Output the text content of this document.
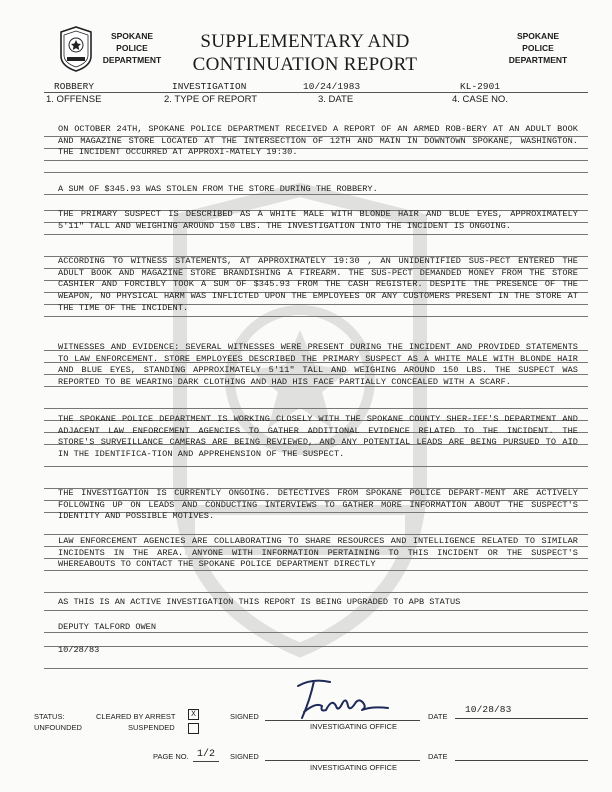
SPOKANE
POLICE
DEPARTMENT
SUPPLEMENTARY AND
CONTINUATION REPORT
SPOKANE
POLICE
DEPARTMENT
ROBBERY	INVESTIGATION	10/24/1983	KL-2901
1. OFFENSE	2. TYPE OF REPORT	3. DATE	4. CASE NO.
ON OCTOBER 24TH, SPOKANE POLICE DEPARTMENT RECEIVED A REPORT OF AN ARMED ROB-BERY AT AN ADULT BOOK AND MAGAZINE STORE LOCATED AT THE INTERSECTION OF 12TH AND MAIN IN DOWNTOWN SPOKANE, WASHINGTON. THE INCIDENT OCCURRED AT APPROXI-MATELY 19:30.
A SUM OF $345.93 WAS STOLEN FROM THE STORE DURING THE ROBBERY.
THE PRIMARY SUSPECT IS DESCRIBED AS A WHITE MALE WITH BLONDE HAIR AND BLUE EYES, APPROXIMATELY 5'11" TALL AND WEIGHING AROUND 150 LBS. THE INVESTIGATION INTO THE INCIDENT IS ONGOING.
ACCORDING TO WITNESS STATEMENTS, AT APPROXIMATELY 19:30 , AN UNIDENTIFIED SUS-PECT ENTERED THE ADULT BOOK AND MAGAZINE STORE BRANDISHING A FIREARM. THE SUS-PECT DEMANDED MONEY FROM THE STORE CASHIER AND FORCIBLY TOOK A SUM OF $345.93 FROM THE CASH REGISTER. DESPITE THE PRESENCE OF THE WEAPON, NO PHYSICAL HARM WAS INFLICTED UPON THE EMPLOYEES OR ANY CUSTOMERS PRESENT IN THE STORE AT THE TIME OF THE INCIDENT.
WITNESSES AND EVIDENCE: SEVERAL WITNESSES WERE PRESENT DURING THE INCIDENT AND PROVIDED STATEMENTS TO LAW ENFORCEMENT. STORE EMPLOYEES DESCRIBED THE PRIMARY SUSPECT AS A WHITE MALE WITH BLONDE HAIR AND BLUE EYES, STANDING APPROXIMATELY 5'11" TALL AND WEIGHING AROUND 150 LBS. THE SUSPECT WAS REPORTED TO BE WEARING DARK CLOTHING AND HAD HIS FACE PARTIALLY CONCEALED WITH A SCARF.
THE SPOKANE POLICE DEPARTMENT IS WORKING CLOSELY WITH THE SPOKANE COUNTY SHER-IFF'S DEPARTMENT AND ADJACENT LAW ENFORCEMENT AGENCIES TO GATHER ADDITIONAL EVIDENCE RELATED TO THE INCIDENT. THE STORE'S SURVEILLANCE CAMERAS ARE BEING REVIEWED, AND ANY POTENTIAL LEADS ARE BEING PURSUED TO AID IN THE IDENTIFICA-TION AND APPREHENSION OF THE SUSPECT.
THE INVESTIGATION IS CURRENTLY ONGOING. DETECTIVES FROM SPOKANE POLICE DEPART-MENT ARE ACTIVELY FOLLOWING UP ON LEADS AND CONDUCTING INTERVIEWS TO GATHER MORE INFORMATION ABOUT THE SUSPECT'S IDENTITY AND POSSIBLE MOTIVES.
LAW ENFORCEMENT AGENCIES ARE COLLABORATING TO SHARE RESOURCES AND INTELLIGENCE RELATED TO SIMILAR INCIDENTS IN THE AREA. ANYONE WITH INFORMATION PERTAINING TO THIS INCIDENT OR THE SUSPECT'S WHEREABOUTS TO CONTACT THE SPOKANE POLICE DEPARTMENT DIRECTLY
AS THIS IS AN ACTIVE INVESTIGATION THIS REPORT IS BEING UPGRADED TO APB STATUS
DEPUTY TALFORD OWEN
10/28/83
STATUS:
UNFOUNDED
CLEARED BY ARREST	X
SUSPENDED
SIGNED
INVESTIGATING OFFICE
DATE
10/28/83
PAGE NO. 1/2 SIGNED
INVESTIGATING OFFICE
DATE
